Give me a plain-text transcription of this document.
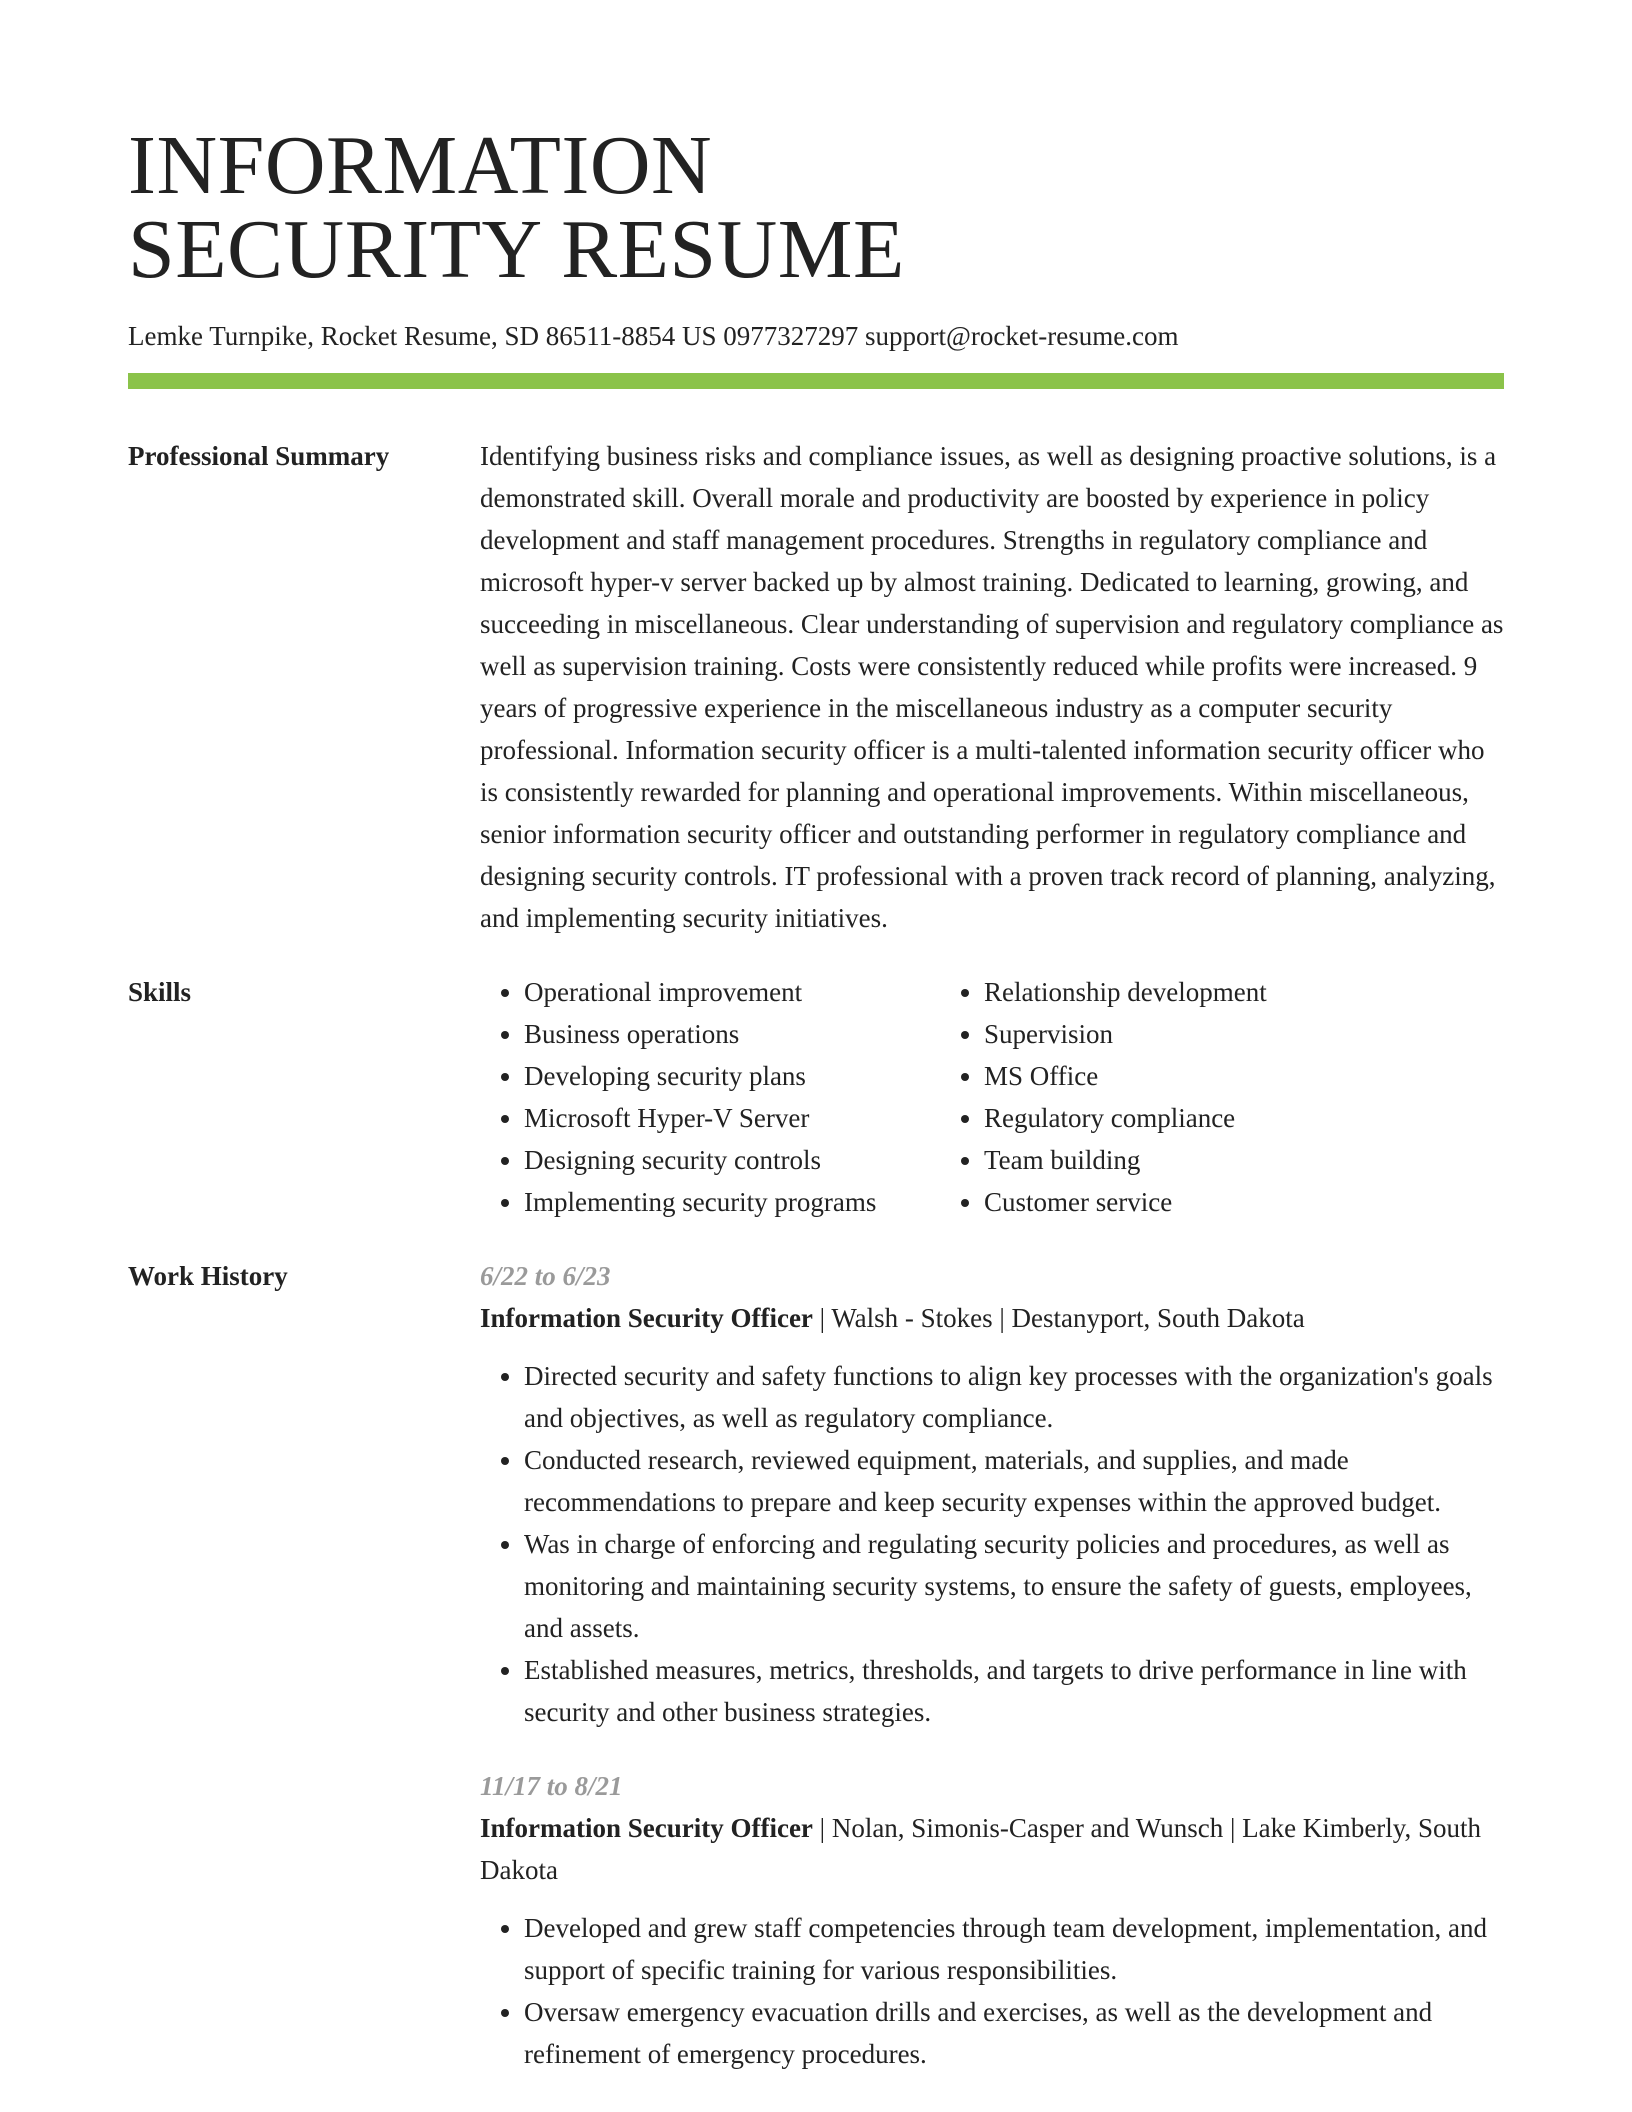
INFORMATION
SECURITY RESUME
Lemke Turnpike, Rocket Resume, SD 86511-8854 US 0977327297 support@rocket-resume.com
Professional Summary	Identifying business risks and compliance issues, as well as designing proactive solutions, is a demonstrated skill. Overall morale and productivity are boosted by experience in policy development and staff management procedures. Strengths in regulatory compliance and microsoft hyper-v server backed up by almost training. Dedicated to learning, growing, and succeeding in miscellaneous. Clear understanding of supervision and regulatory compliance as well as supervision training. Costs were consistently reduced while profits were increased. 9 years of progressive experience in the miscellaneous industry as a computer security professional. Information security officer is a multi-talented information security officer who is consistently rewarded for planning and operational improvements. Within miscellaneous, senior information security officer and outstanding performer in regulatory compliance and designing security controls. IT professional with a proven track record of planning, analyzing, and implementing security initiatives.

Skills
•	Operational improvement
• Business operations
• Developing security plans
• Microsoft Hyper-V Server
• Designing security controls
• Implementing security programs
• Relationship development
• Supervision
• MS Office
• Regulatory compliance
• Team building
• Customer service
Work History	6/22 to 6/23
Information Security Officer | Walsh - Stokes | Destanyport, South Dakota
• Directed security and safety functions to align key processes with the organization's goals and objectives, as well as regulatory compliance.
• Conducted research, reviewed equipment, materials, and supplies, and made recommendations to prepare and keep security expenses within the approved budget.
• Was in charge of enforcing and regulating security policies and procedures, as well as monitoring and maintaining security systems, to ensure the safety of guests, employees, and assets.
• Established measures, metrics, thresholds, and targets to drive performance in line with security and other business strategies.
11/17 to 8/21
Information Security Officer | Nolan, Simonis-Casper and Wunsch | Lake Kimberly, South Dakota
• Developed and grew staff competencies through team development, implementation, and support of specific training for various responsibilities.
• Oversaw emergency evacuation drills and exercises, as well as the development and refinement of emergency procedures.
